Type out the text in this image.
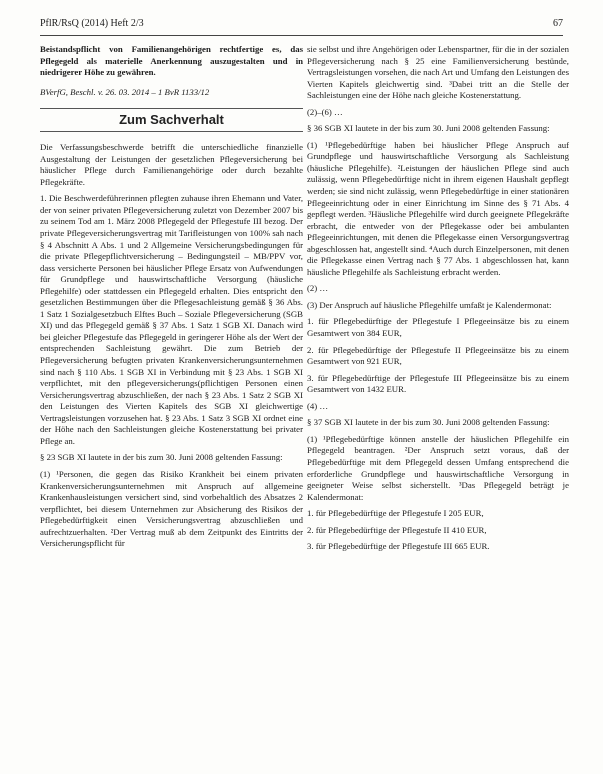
PflR/RsQ (2014) Heft 2/3	67

Beistandspflicht von Familienangehörigen rechtfertige es, das Pflegegeld als materielle Anerkennung auszugestalten und in niedrigerer Höhe zu gewähren.

BVerfG, Beschl. v. 26. 03. 2014 – 1 BvR 1133/12

Zum Sachverhalt

Die Verfassungsbeschwerde betrifft die unterschiedliche finanzielle Ausgestaltung der Leistungen der gesetzlichen Pflegeversicherung bei häuslicher Pflege durch Familienangehörige oder durch bezahlte Pflegekräfte.

1. Die Beschwerdeführerinnen pflegten zuhause ihren Ehemann und Vater, der von seiner privaten Pflegeversicherung zuletzt von Dezember 2007 bis zu seinem Tod am 1. März 2008 Pflegegeld der Pflegestufe III bezog. Der private Pflegeversicherungsvertrag mit Tarifleistungen von 100% sah nach § 4 Abschnitt A Abs. 1 und 2 Allgemeine Versicherungsbedingungen für die private Pflegepflichtversicherung – Bedingungsteil – MB/PPV vor, dass versicherte Personen bei häuslicher Pflege Ersatz von Aufwendungen für Grundpflege und hauswirtschaftliche Versorgung (häusliche Pflegehilfe) oder stattdessen ein Pflegegeld erhalten. Dies entspricht den gesetzlichen Bestimmungen über die Pflegesachleistung gemäß § 36 Abs. 1 Satz 1 Sozialgesetzbuch Elftes Buch – Soziale Pflegeversicherung (SGB XI) und das Pflegegeld gemäß § 37 Abs. 1 Satz 1 SGB XI. Danach wird bei gleicher Pflegestufe das Pflegegeld in geringerer Höhe als der Wert der entsprechenden Sachleistung gewährt. Die zum Betrieb der Pflegeversicherung befugten privaten Krankenversicherungsunternehmen sind nach § 110 Abs. 1 SGB XI in Verbindung mit § 23 Abs. 1 SGB XI verpflichtet, mit den pflegeversicherungs(pflichtigen Personen einen Versicherungsvertrag abzuschließen, der nach § 23 Abs. 1 Satz 2 SGB XI den Leistungen des Vierten Kapitels des SGB XI gleichwertige Vertragsleistungen vorzusehen hat. § 23 Abs. 1 Satz 3 SGB XI ordnet eine der Höhe nach den Sachleistungen gleiche Kostenerstattung bei privater Pflege an.

§ 23 SGB XI lautete in der bis zum 30. Juni 2008 geltenden Fassung:

(1) ¹Personen, die gegen das Risiko Krankheit bei einem privaten Krankenversicherungsunternehmen mit Anspruch auf allgemeine Krankenhausleistungen versichert sind, sind vorbehaltlich des Absatzes 2 verpflichtet, bei diesem Unternehmen zur Absicherung des Risikos der Pflegebedürftigkeit einen Versicherungsvertrag abzuschließen und aufrechtzuerhalten. ²Der Vertrag muß ab dem Zeitpunkt des Eintritts der Versicherungspflicht für

sie selbst und ihre Angehörigen oder Lebenspartner, für die in der sozialen Pflegeversicherung nach § 25 eine Familienversicherung bestünde, Vertragsleistungen vorsehen, die nach Art und Umfang den Leistungen des Vierten Kapitels gleichwertig sind. ³Dabei tritt an die Stelle der Sachleistungen eine der Höhe nach gleiche Kostenerstattung.

(2)–(6) …

§ 36 SGB XI lautete in der bis zum 30. Juni 2008 geltenden Fassung:

(1) ¹Pflegebedürftige haben bei häuslicher Pflege Anspruch auf Grundpflege und hauswirtschaftliche Versorgung als Sachleistung (häusliche Pflegehilfe). ²Leistungen der häuslichen Pflege sind auch zulässig, wenn Pflegebedürftige nicht in ihrem eigenen Haushalt gepflegt werden; sie sind nicht zulässig, wenn Pflegebedürftige in einer stationären Pflegeeinrichtung oder in einer Einrichtung im Sinne des § 71 Abs. 4 gepflegt werden. ³Häusliche Pflegehilfe wird durch geeignete Pflegekräfte erbracht, die entweder von der Pflegekasse oder bei ambulanten Pflegeeinrichtungen, mit denen die Pflegekasse einen Versorgungsvertrag abgeschlossen hat, angestellt sind. ⁴Auch durch Einzelpersonen, mit denen die Pflegekasse einen Vertrag nach § 77 Abs. 1 abgeschlossen hat, kann häusliche Pflegehilfe als Sachleistung erbracht werden.

(2) …

(3) Der Anspruch auf häusliche Pflegehilfe umfaßt je Kalendermonat:

1. für Pflegebedürftige der Pflegestufe I Pflegeeinsätze bis zu einem Gesamtwert von 384 EUR,

2. für Pflegebedürftige der Pflegestufe II Pflegeeinsätze bis zu einem Gesamtwert von 921 EUR,

3. für Pflegebedürftige der Pflegestufe III Pflegeeinsätze bis zu einem Gesamtwert von 1432 EUR.

(4) …

§ 37 SGB XI lautete in der bis zum 30. Juni 2008 geltenden Fassung:

(1) ¹Pflegebedürftige können anstelle der häuslichen Pflegehilfe ein Pflegegeld beantragen. ²Der Anspruch setzt voraus, daß der Pflegebedürftige mit dem Pflegegeld dessen Umfang entsprechend die erforderliche Grundpflege und hauswirtschaftliche Versorgung in geeigneter Weise selbst sicherstellt. ³Das Pflegegeld beträgt je Kalendermonat:

1. für Pflegebedürftige der Pflegestufe I 205 EUR,

2. für Pflegebedürftige der Pflegestufe II 410 EUR,

3. für Pflegebedürftige der Pflegestufe III 665 EUR.
